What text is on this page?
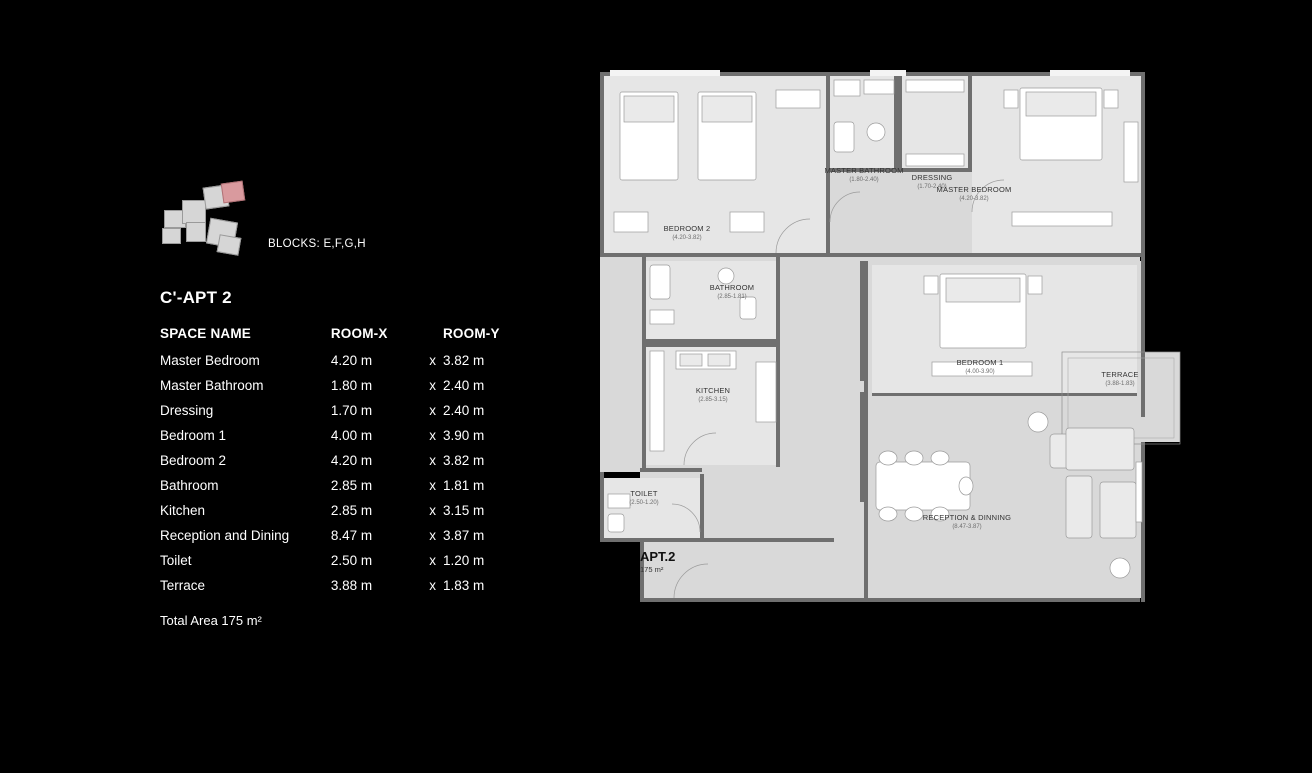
BLOCKS: E,F,G,H
C'-APT 2
SPACE NAME	ROOM-X		ROOM-Y
Master Bedroom	4.20 m	x	3.82 m
Master Bathroom	1.80 m	x	2.40 m
Dressing	1.70 m	x	2.40 m
Bedroom 1	4.00 m	x	3.90 m
Bedroom 2	4.20 m	x	3.82 m
Bathroom	2.85 m	x	1.81 m
Kitchen	2.85 m	x	3.15 m
Reception and Dining	8.47 m	x	3.87 m
Toilet	2.50 m	x	1.20 m
Terrace	3.88 m	x	1.83 m
Total Area 175 m²			
BEDROOM 2
(4.20-3.82)
MASTER BATHROOM
(1.80-2.40)	DRESSING
(1.70-2.40)
MASTER BEDROOM
(4.20-3.82)
BATHROOM
(2.85-1.81)
KITCHEN
(2.85-3.15)
BEDROOM 1
(4.00-3.90)	TERRACE
(3.88-1.83)
TOILET
(2.50-1.20)
RECEPTION & DINNING
(8.47-3.87)
APT.2
175 m²
